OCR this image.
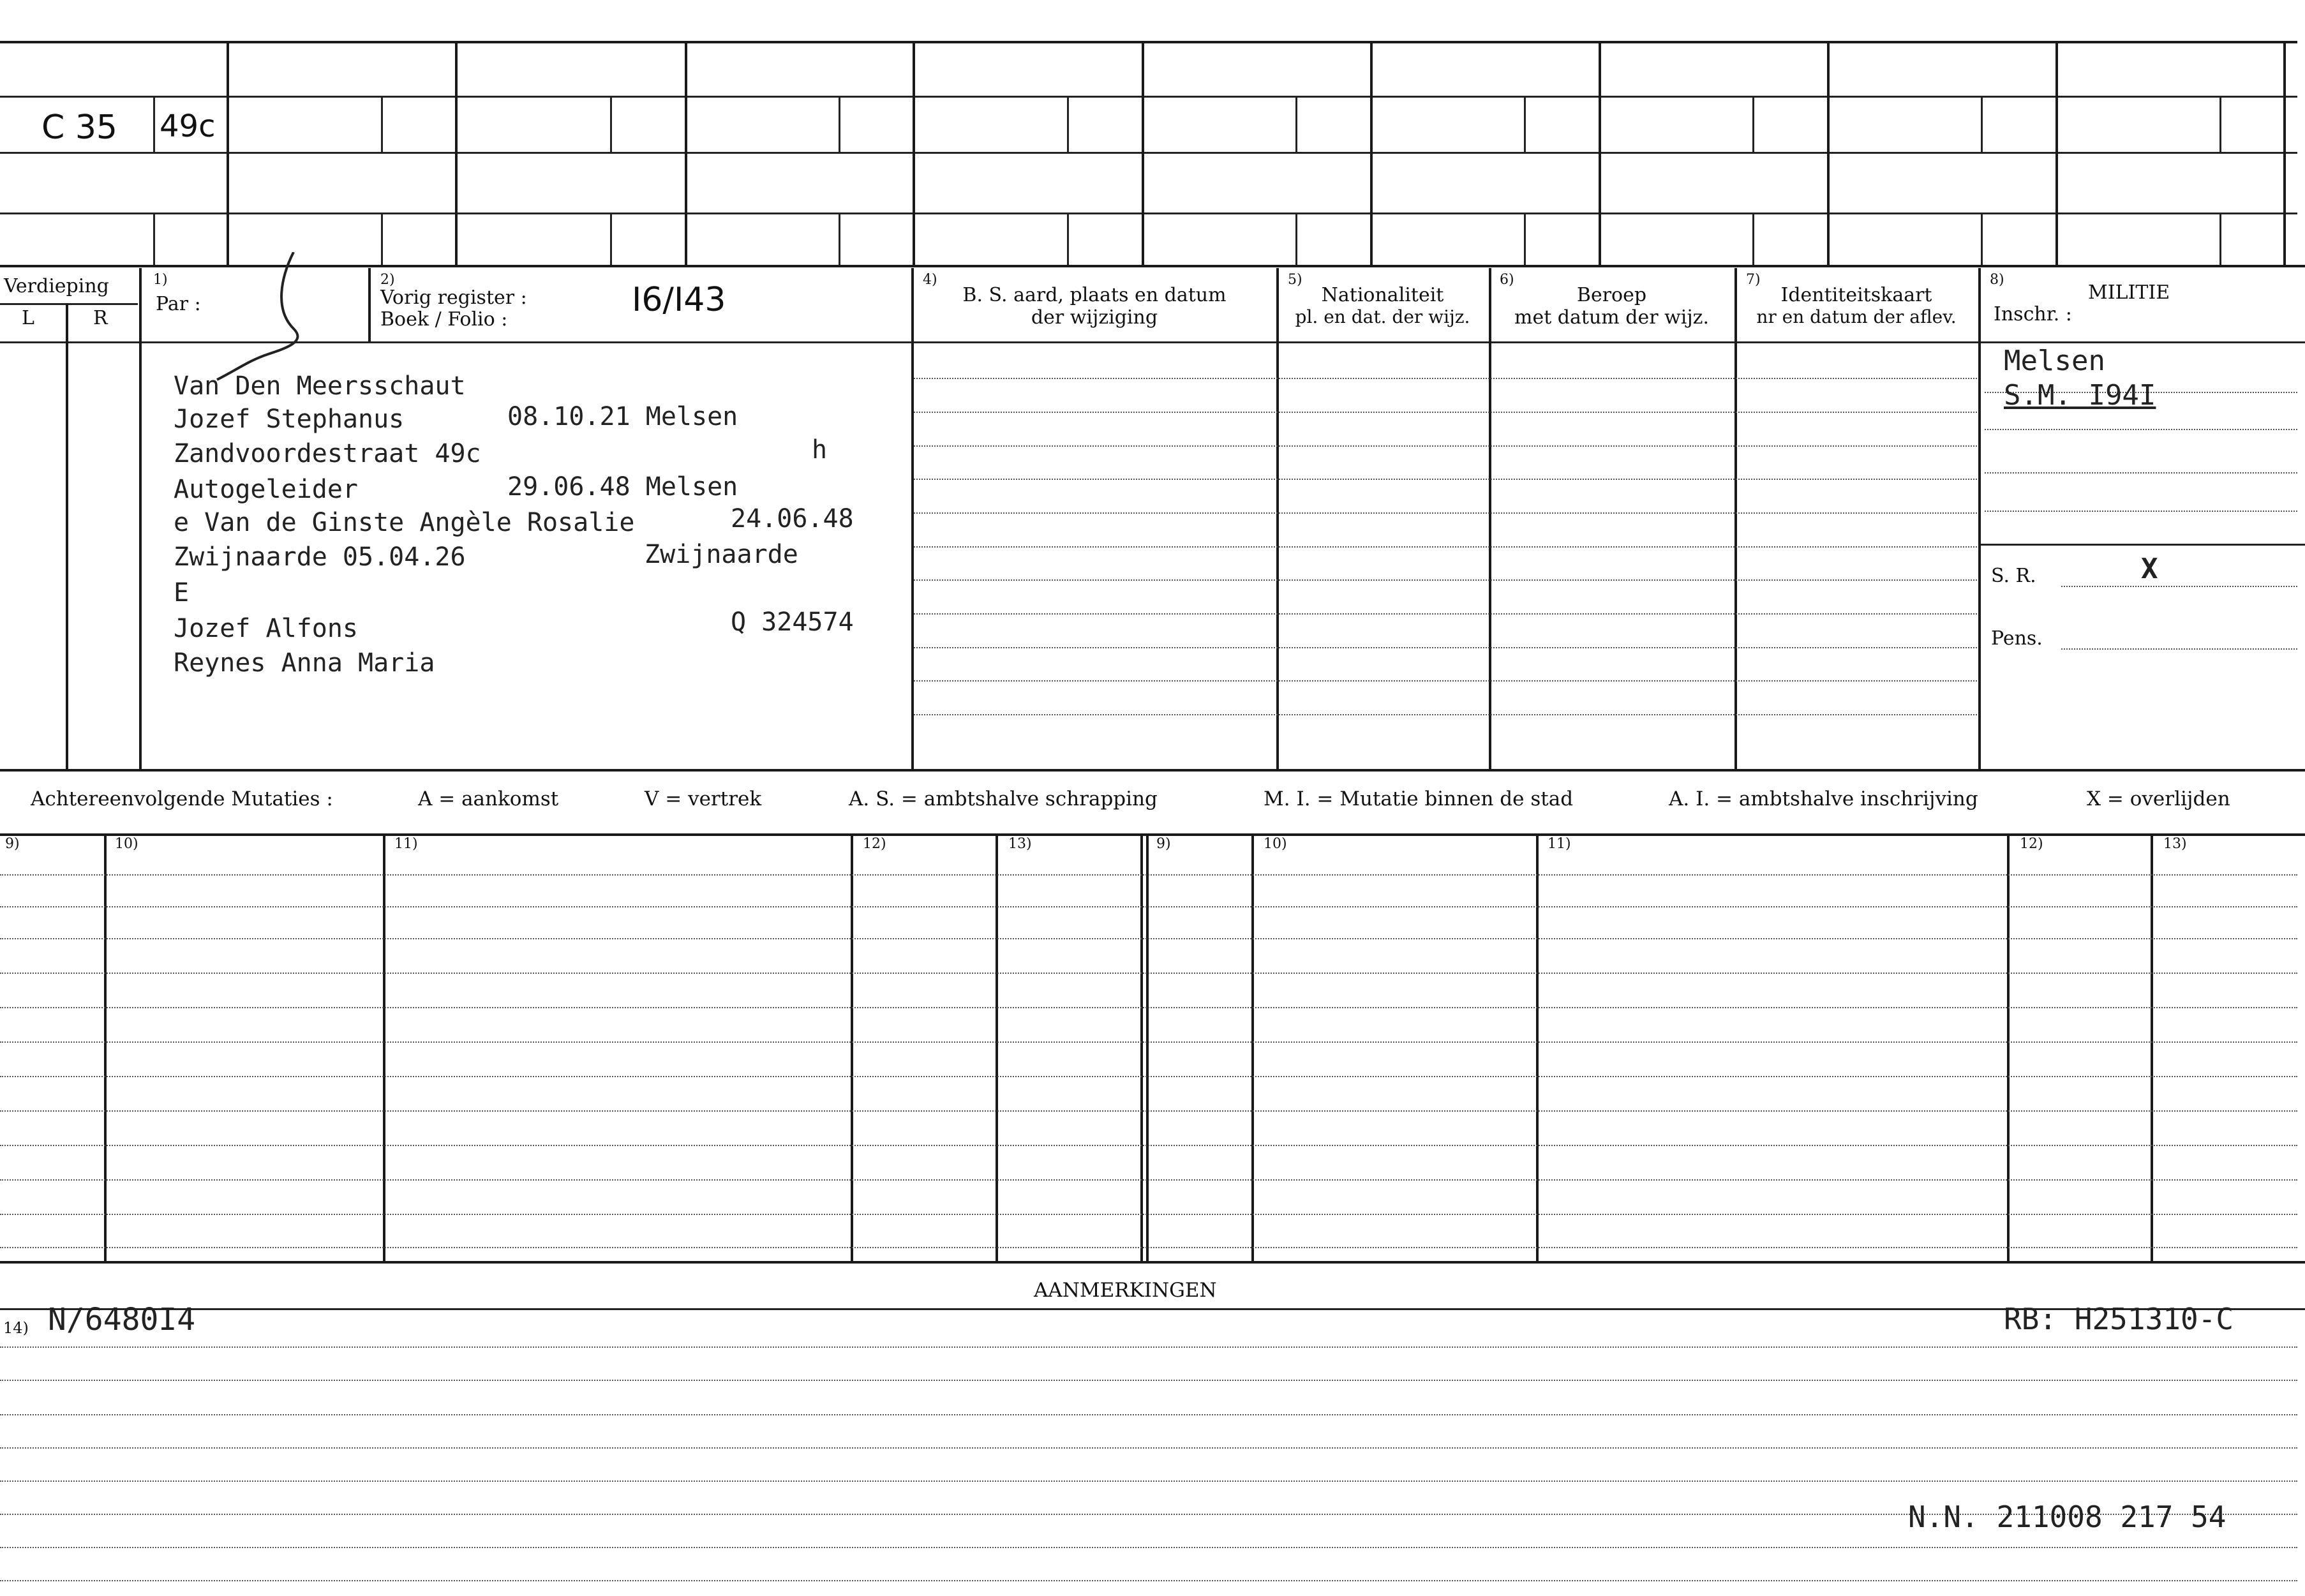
C 35 49c
Verdieping
L	R
1)
Par :
2)
Vorig register :
Boek / Folio :
I6/I43
4)
B. S. aard, plaats en datum
der wijziging
5)
Nationaliteit
pl. en dat. der wijz.
6)
Beroep
met datum der wijz.
7)
Identiteitskaart
nr en datum der aflev.
8)
MILITIE
Inschr. :
Van Den Meersschaut
Jozef Stephanus	08.10.21 Melsen
Zandvoordestraat 49c	h
Autogeleider	29.06.48 Melsen
e Van de Ginste Angèle Rosalie	24.06.48
Zwijnaarde 05.04.26	Zwijnaarde
E
Jozef Alfons	Q 324574
Reynes Anna Maria
Melsen
S.M. I94I
S. R.	X
Pens.
Achtereenvolgende Mutaties :	A = aankomst	V = vertrek	A. S. = ambtshalve schrapping	M. I. = Mutatie binnen de stad	A. I. = ambtshalve inschrijving	X = overlijden
9)	10)	11)	12)	13)	9)	10)	11)	12)	13)
AANMERKINGEN
14) N/6480I4	RB: H251310-C
N.N. 211008 217 54
